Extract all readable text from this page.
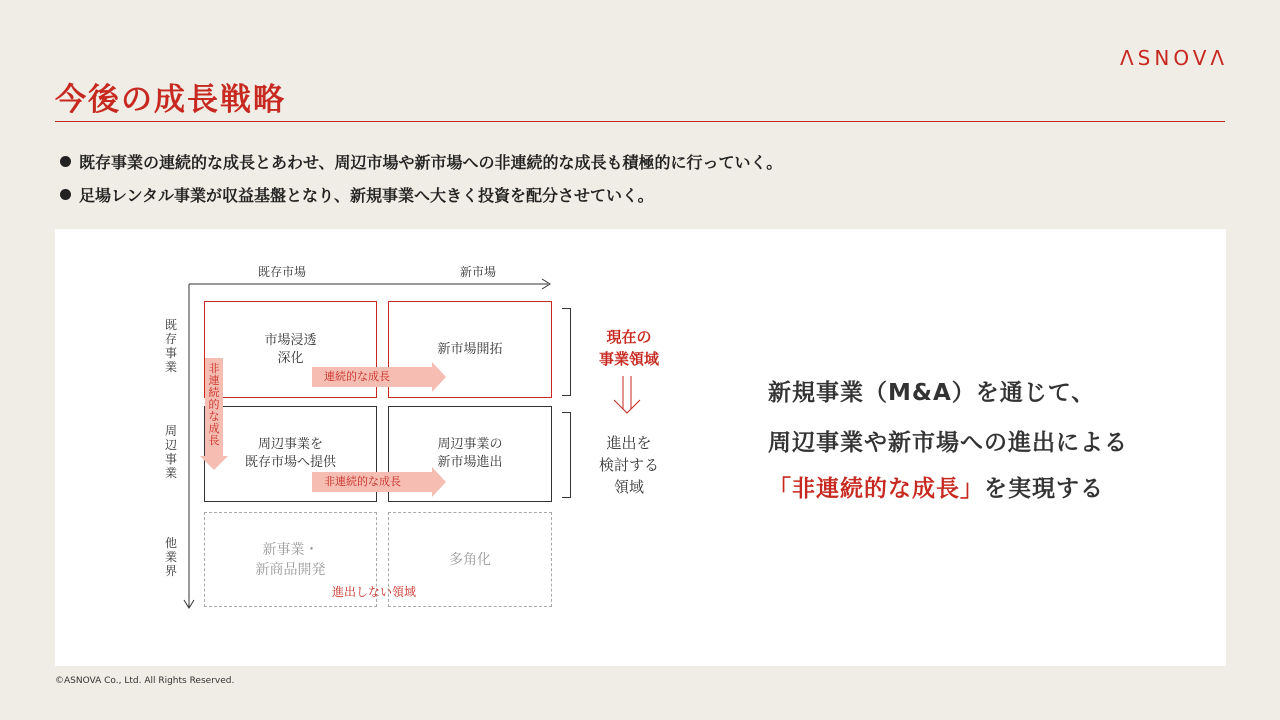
ΛSNOVΛ
今後の成長戦略
既存事業の連続的な成長とあわせ、周辺市場や新市場への非連続的な成長も積極的に行っていく。
足場レンタル事業が収益基盤となり、新規事業へ大きく投資を配分させていく。
既存市場	新市場
既
存
事
業
周
辺
事
業
他
業
界
市場浸透
深化
新市場開拓
周辺事業を
既存市場へ提供
周辺事業の
新市場進出
新事業・
新商品開発
多角化
連続的な成長
非連続的な成長
非
連
続
的
な
成
長
現在の
事業領域
進出を
検討する
領域
進出しない領域
新規事業（M&A）を通じて、
周辺事業や新市場への進出による
「非連続的な成長」を実現する
©ASNOVA Co., Ltd. All Rights Reserved.
